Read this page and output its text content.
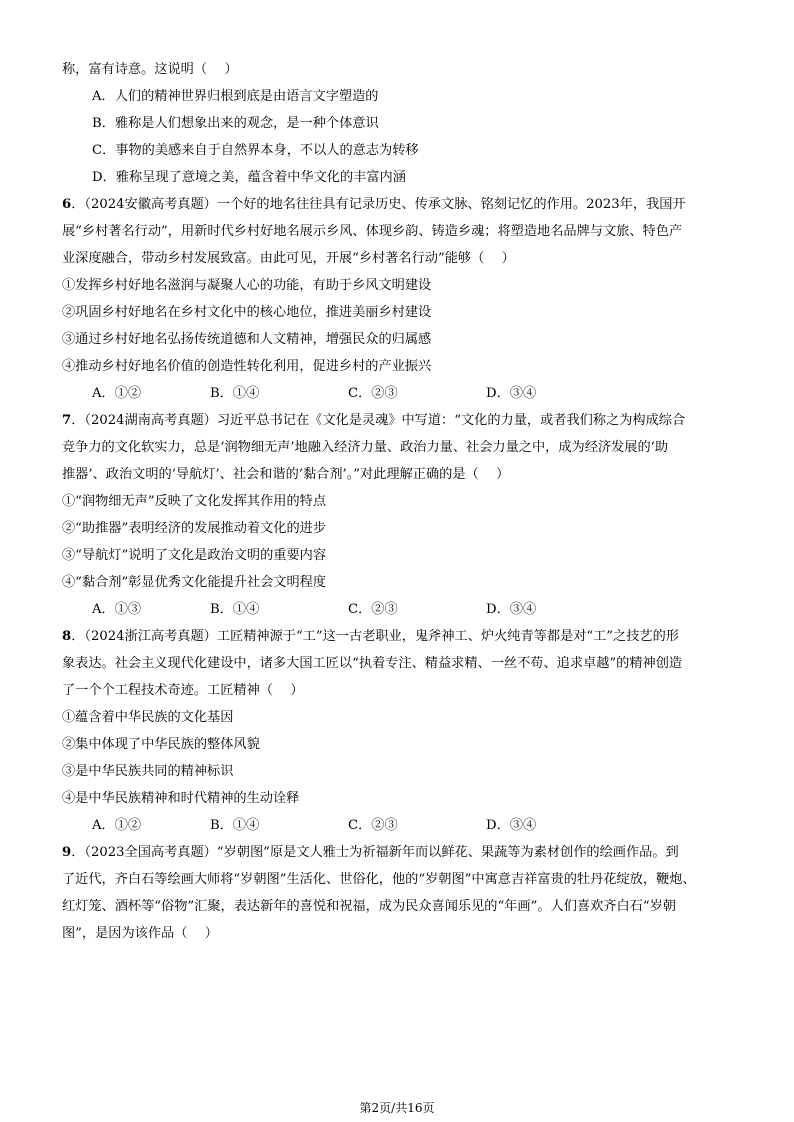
称，富有诗意。这说明（　 ）
A．人们的精神世界归根到底是由语言文字塑造的
B．雅称是人们想象出来的观念，是一种个体意识
C．事物的美感来自于自然界本身，不以人的意志为转移
D．雅称呈现了意境之美，蕴含着中华文化的丰富内涵
6．（2024安徽高考真题）一个好的地名往往具有记录历史、传承文脉、铭刻记忆的作用。2023年，我国开
展“乡村著名行动”，用新时代乡村好地名展示乡风、体现乡韵、铸造乡魂；将塑造地名品牌与文旅、特色产
业深度融合，带动乡村发展致富。由此可见，开展“乡村著名行动”能够（　 ）
①发挥乡村好地名滋润与凝聚人心的功能，有助于乡风文明建设
②巩固乡村好地名在乡村文化中的核心地位，推进美丽乡村建设
③通过乡村好地名弘扬传统道德和人文精神，增强民众的归属感
④推动乡村好地名价值的创造性转化利用，促进乡村的产业振兴
A．①②	B．①④	C．②③	D．③④
7．（2024湖南高考真题）习近平总书记在《文化是灵魂》中写道：“文化的力量，或者我们称之为构成综合
竞争力的文化软实力，总是‘润物细无声’地融入经济力量、政治力量、社会力量之中，成为经济发展的‘助
推器’、政治文明的‘导航灯’、社会和谐的‘黏合剂’。”对此理解正确的是（　 ）
①“润物细无声”反映了文化发挥其作用的特点
②“助推器”表明经济的发展推动着文化的进步
③“导航灯”说明了文化是政治文明的重要内容
④“黏合剂”彰显优秀文化能提升社会文明程度
A．①③	B．①④	C．②③	D．③④
8．（2024浙江高考真题）工匠精神源于“工”这一古老职业，鬼斧神工、炉火纯青等都是对“工”之技艺的形
象表达。社会主义现代化建设中，诸多大国工匠以“执着专注、精益求精、一丝不苟、追求卓越”的精神创造
了一个个工程技术奇迹。工匠精神（　 ）
①蕴含着中华民族的文化基因
②集中体现了中华民族的整体风貌
③是中华民族共同的精神标识
④是中华民族精神和时代精神的生动诠释
A．①②	B．①④	C．②③	D．③④
9．（2023全国高考真题）“岁朝图”原是文人雅士为祈福新年而以鲜花、果蔬等为素材创作的绘画作品。到
了近代，齐白石等绘画大师将“岁朝图”生活化、世俗化，他的“岁朝图”中寓意吉祥富贵的牡丹花绽放，鞭炮、
红灯笼、酒杯等“俗物”汇聚，表达新年的喜悦和祝福，成为民众喜闻乐见的“年画”。人们喜欢齐白石“岁朝
图”，是因为该作品（　 ）
第2页/共16页
